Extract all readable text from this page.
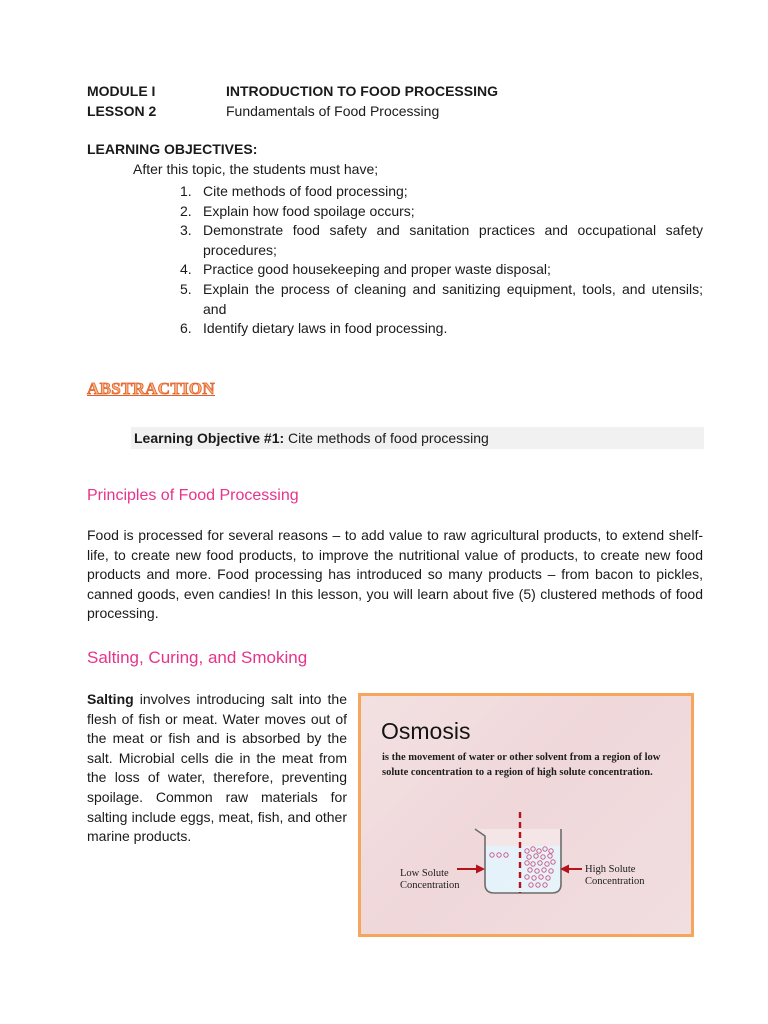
MODULE I	INTRODUCTION TO FOOD PROCESSING
LESSON 2	Fundamentals of Food Processing
LEARNING OBJECTIVES:
After this topic, the students must have;
1. Cite methods of food processing;
2. Explain how food spoilage occurs;
3. Demonstrate food safety and sanitation practices and occupational safety procedures;
4. Practice good housekeeping and proper waste disposal;
5. Explain the process of cleaning and sanitizing equipment, tools, and utensils; and
6. Identify dietary laws in food processing.
ABSTRACTION
Learning Objective #1: Cite methods of food processing
Principles of Food Processing

Food is processed for several reasons – to add value to raw agricultural products, to extend shelf-life, to create new food products, to improve the nutritional value of products, to create new food products and more. Food processing has introduced so many products – from bacon to pickles, canned goods, even candies! In this lesson, you will learn about five (5) clustered methods of food processing.

Salting, Curing, and Smoking

Salting involves introducing salt into the flesh of fish or meat. Water moves out of the meat or fish and is absorbed by the salt. Microbial cells die in the meat from the loss of water, therefore, preventing spoilage. Common raw materials for salting include eggs, meat, fish, and other marine products.

Osmosis
is the movement of water or other solvent from a region of low solute concentration to a region of high solute concentration.
Low Solute
Concentration
High Solute
Concentration
